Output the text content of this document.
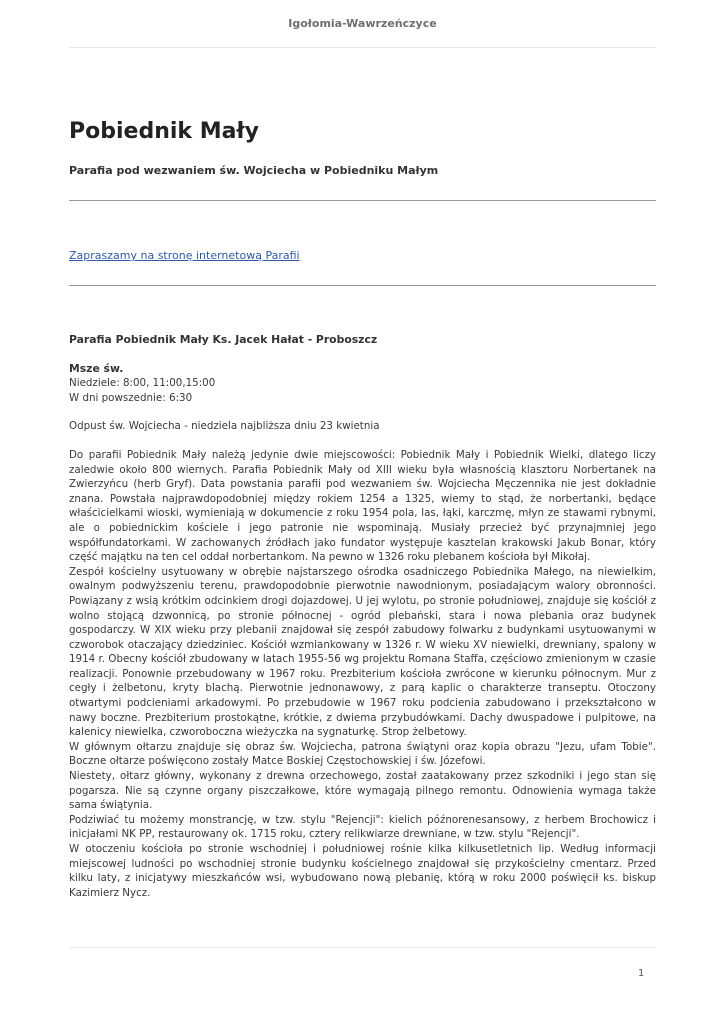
Igołomia-Wawrzeńczyce
Pobiednik Mały

Parafia pod wezwaniem św. Wojciecha w Pobiedniku Małym

Zapraszamy na stronę internetową Parafii

Parafia Pobiednik Mały Ks. Jacek Hałat - Proboszcz

Msze św.
Niedziele: 8:00, 11:00,15:00
W dni powszednie: 6:30

Odpust św. Wojciecha - niedziela najbliższa dniu 23 kwietnia

Do parafii Pobiednik Mały należą jedynie dwie miejscowości: Pobiednik Mały i Pobiednik Wielki, dlatego liczy zaledwie około 800 wiernych. Parafia Pobiednik Mały od XIII wieku była własnością klasztoru Norbertanek na Zwierzyńcu (herb Gryf). Data powstania parafii pod wezwaniem św. Wojciecha Męczennika nie jest dokładnie znana. Powstała najprawdopodobniej między rokiem 1254 a 1325, wiemy to stąd, że norbertanki, będące właścicielkami wioski, wymieniają w dokumencie z roku 1954 pola, las, łąki, karczmę, młyn ze stawami rybnymi, ale o pobiednickim kościele i jego patronie nie wspominają. Musiały przecież być przynajmniej jego współfundatorkami. W zachowanych źródłach jako fundator występuje kasztelan krakowski Jakub Bonar, który część majątku na ten cel oddał norbertankom. Na pewno w 1326 roku plebanem kościoła był Mikołaj.

Zespół kościelny usytuowany w obrębie najstarszego ośrodka osadniczego Pobiednika Małego, na niewielkim, owalnym podwyższeniu terenu, prawdopodobnie pierwotnie nawodnionym, posiadającym walory obronności. Powiązany z wsią krótkim odcinkiem drogi dojazdowej. U jej wylotu, po stronie południowej, znajduje się kościół z wolno stojącą dzwonnicą, po stronie północnej - ogród plebański, stara i nowa plebania oraz budynek gospodarczy. W XIX wieku przy plebanii znajdował się zespół zabudowy folwarku z budynkami usytuowanymi w czworobok otaczający dziedziniec. Kościół wzmiankowany w 1326 r. W wieku XV niewielki, drewniany, spalony w 1914 r. Obecny kościół zbudowany w latach 1955-56 wg projektu Romana Staffa, częściowo zmienionym w czasie realizacji. Ponownie przebudowany w 1967 roku. Prezbiterium kościoła zwrócone w kierunku północnym. Mur z cegły i żelbetonu, kryty blachą. Pierwotnie jednonawowy, z parą kaplic o charakterze transeptu. Otoczony otwartymi podcieniami arkadowymi. Po przebudowie w 1967 roku podcienia zabudowano i przekształcono w nawy boczne. Prezbiterium prostokątne, krótkie, z dwiema przybudówkami. Dachy dwuspadowe i pulpitowe, na kalenicy niewielka, czworoboczna wieżyczka na sygnaturkę. Strop żelbetowy.

W głównym ołtarzu znajduje się obraz św. Wojciecha, patrona świątyni oraz kopia obrazu "Jezu, ufam Tobie". Boczne ołtarze poświęcono zostały Matce Boskiej Częstochowskiej i św. Józefowi.

Niestety, ołtarz główny, wykonany z drewna orzechowego, został zaatakowany przez szkodniki i jego stan się pogarsza. Nie są czynne organy piszczałkowe, które wymagają pilnego remontu. Odnowienia wymaga także sama świątynia.

Podziwiać tu możemy monstrancję, w tzw. stylu "Rejencji": kielich późnorenesansowy, z herbem Brochowicz i inicjałami NK PP, restaurowany ok. 1715 roku, cztery relikwiarze drewniane, w tzw. stylu "Rejencji".

W otoczeniu kościoła po stronie wschodniej i południowej rośnie kilka kilkusetletnich lip. Według informacji miejscowej ludności po wschodniej stronie budynku kościelnego znajdował się przykościelny cmentarz. Przed kilku laty, z inicjatywy mieszkańców wsi, wybudowano nową plebanię, którą w roku 2000 poświęcił ks. biskup Kazimierz Nycz.

1
